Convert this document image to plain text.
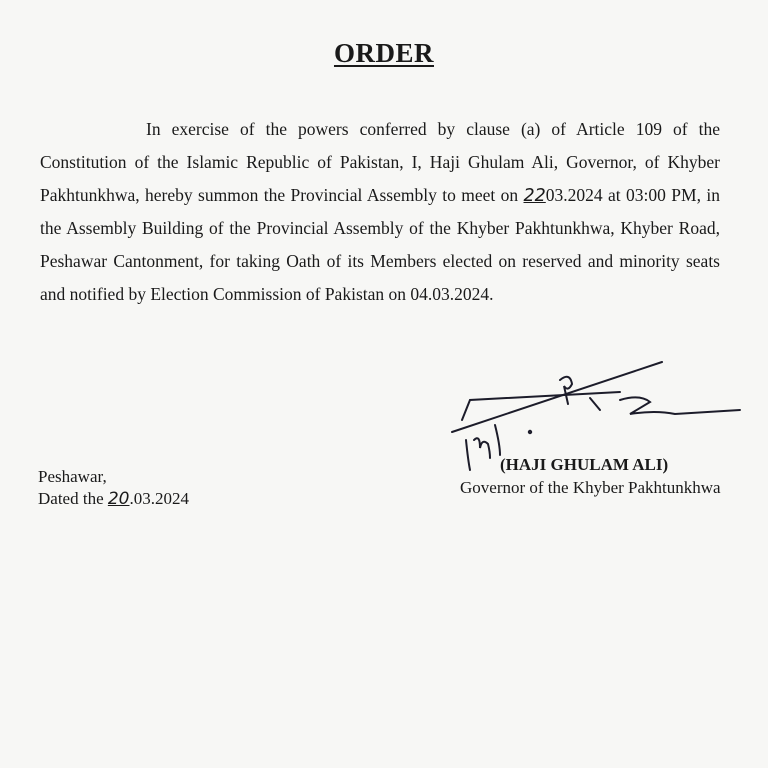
ORDER
In exercise of the powers conferred by clause (a) of Article 109 of the
Constitution of the Islamic Republic of Pakistan, I, Haji Ghulam Ali, Governor, of Khyber
Pakhtunkhwa, hereby summon the Provincial Assembly to meet on 2203.2024 at 03:00 PM, in
the Assembly Building of the Provincial Assembly of the Khyber Pakhtunkhwa, Khyber Road,
Peshawar Cantonment, for taking Oath of its Members elected on reserved and minority seats
and notified by Election Commission of Pakistan on 04.03.2024.
Peshawar,
Dated the 20.03.2024
(HAJI GHULAM ALI)
Governor of the Khyber Pakhtunkhwa
